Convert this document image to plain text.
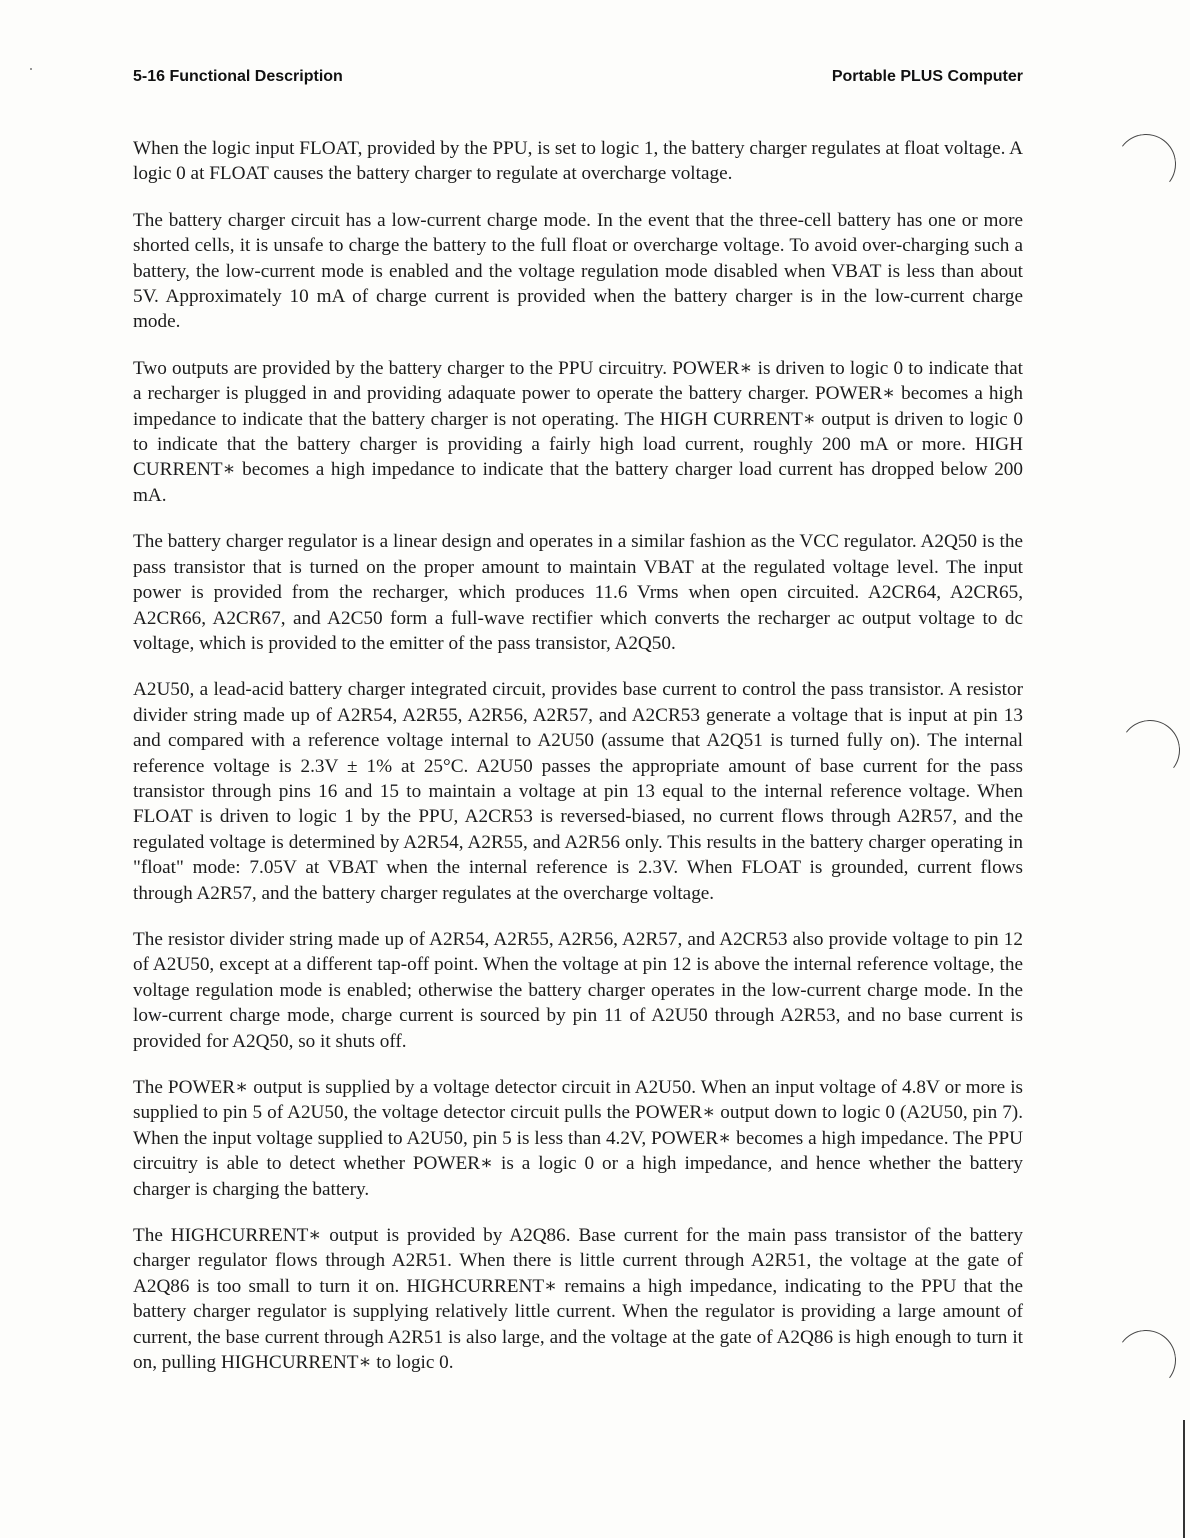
5-16 Functional Description	Portable PLUS Computer

When the logic input FLOAT, provided by the PPU, is set to logic 1, the battery charger regulates at float voltage. A logic 0 at FLOAT causes the battery charger to regulate at overcharge voltage.

The battery charger circuit has a low-current charge mode. In the event that the three-cell battery has one or more shorted cells, it is unsafe to charge the battery to the full float or overcharge voltage. To avoid over-charging such a battery, the low-current mode is enabled and the voltage regulation mode disabled when VBAT is less than about 5V. Approximately 10 mA of charge current is provided when the battery charger is in the low-current charge mode.

Two outputs are provided by the battery charger to the PPU circuitry. POWER∗ is driven to logic 0 to indicate that a recharger is plugged in and providing adaquate power to operate the battery charger. POWER∗ becomes a high impedance to indicate that the battery charger is not operating. The HIGH CURRENT∗ output is driven to logic 0 to indicate that the battery charger is providing a fairly high load current, roughly 200 mA or more. HIGH CURRENT∗ becomes a high impedance to indicate that the battery charger load current has dropped below 200 mA.

The battery charger regulator is a linear design and operates in a similar fashion as the VCC regulator. A2Q50 is the pass transistor that is turned on the proper amount to maintain VBAT at the regulated voltage level. The input power is provided from the recharger, which produces 11.6 Vrms when open circuited. A2CR64, A2CR65, A2CR66, A2CR67, and A2C50 form a full-wave rectifier which converts the recharger ac output voltage to dc voltage, which is provided to the emitter of the pass transistor, A2Q50.

A2U50, a lead-acid battery charger integrated circuit, provides base current to control the pass transistor. A resistor divider string made up of A2R54, A2R55, A2R56, A2R57, and A2CR53 generate a voltage that is input at pin 13 and compared with a reference voltage internal to A2U50 (assume that A2Q51 is turned fully on). The internal reference voltage is 2.3V ± 1% at 25°C. A2U50 passes the appropriate amount of base current for the pass transistor through pins 16 and 15 to maintain a voltage at pin 13 equal to the internal reference voltage. When FLOAT is driven to logic 1 by the PPU, A2CR53 is reversed-biased, no current flows through A2R57, and the regulated voltage is determined by A2R54, A2R55, and A2R56 only. This results in the battery charger operating in "float" mode: 7.05V at VBAT when the internal reference is 2.3V. When FLOAT is grounded, current flows through A2R57, and the battery charger regulates at the overcharge voltage.

The resistor divider string made up of A2R54, A2R55, A2R56, A2R57, and A2CR53 also provide voltage to pin 12 of A2U50, except at a different tap-off point. When the voltage at pin 12 is above the internal reference voltage, the voltage regulation mode is enabled; otherwise the battery charger operates in the low-current charge mode. In the low-current charge mode, charge current is sourced by pin 11 of A2U50 through A2R53, and no base current is provided for A2Q50, so it shuts off.

The POWER∗ output is supplied by a voltage detector circuit in A2U50. When an input voltage of 4.8V or more is supplied to pin 5 of A2U50, the voltage detector circuit pulls the POWER∗ output down to logic 0 (A2U50, pin 7). When the input voltage supplied to A2U50, pin 5 is less than 4.2V, POWER∗ becomes a high impedance. The PPU circuitry is able to detect whether POWER∗ is a logic 0 or a high impedance, and hence whether the battery charger is charging the battery.

The HIGHCURRENT∗ output is provided by A2Q86. Base current for the main pass transistor of the battery charger regulator flows through A2R51. When there is little current through A2R51, the voltage at the gate of A2Q86 is too small to turn it on. HIGHCURRENT∗ remains a high impedance, indicating to the PPU that the battery charger regulator is supplying relatively little current. When the regulator is providing a large amount of current, the base current through A2R51 is also large, and the voltage at the gate of A2Q86 is high enough to turn it on, pulling HIGHCURRENT∗ to logic 0.
